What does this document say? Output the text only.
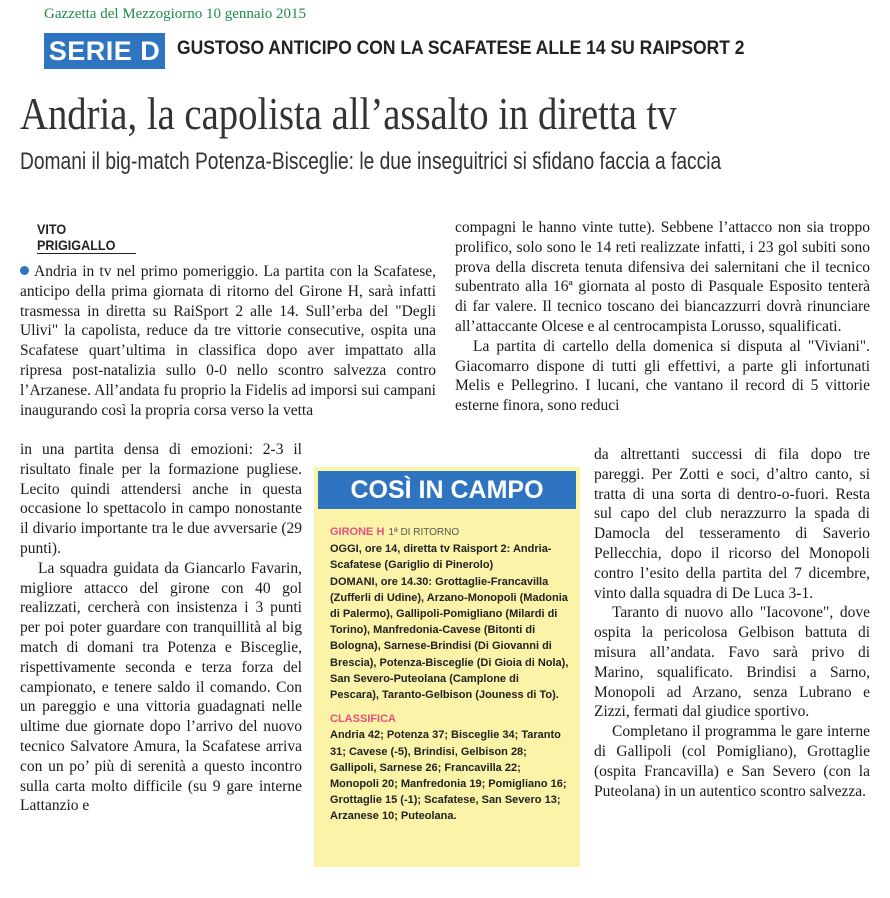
Gazzetta del Mezzogiorno 10 gennaio 2015
SERIE D GUSTOSO ANTICIPO CON LA SCAFATESE ALLE 14 SU RAIPSORT 2
Andria, la capolista all’assalto in diretta tv
Domani il big-match Potenza-Bisceglie: le due inseguitrici si sfidano faccia a faccia
VITO PRIGIGALLO

Andria in tv nel primo pomeriggio. La partita con la Scafatese, anticipo della prima giornata di ritorno del Girone H, sarà infatti trasmessa in diretta su RaiSport 2 alle 14. Sull’erba del "Degli Ulivi" la capolista, reduce da tre vittorie consecutive, ospita una Scafatese quart’ultima in classifica dopo aver impattato alla ripresa post-natalizia sullo 0-0 nello scontro salvezza contro l’Arzanese. All’andata fu proprio la Fidelis ad imporsi sui campani inaugurando così la propria corsa verso la vetta

in una partita densa di emozioni: 2-3 il risultato finale per la formazione pugliese. Lecito quindi attendersi anche in questa occasione lo spettacolo in campo nonostante il divario importante tra le due avversarie (29 punti).

La squadra guidata da Giancarlo Favarin, migliore attacco del girone con 40 gol realizzati, cercherà con insistenza i 3 punti per poi poter guardare con tranquillità al big match di domani tra Potenza e Bisceglie, rispettivamente seconda e terza forza del campionato, e tenere saldo il comando. Con un pareggio e una vittoria guadagnati nelle ultime due giornate dopo l’arrivo del nuovo tecnico Salvatore Amura, la Scafatese arriva con un po’ più di serenità a questo incontro sulla carta molto difficile (su 9 gare interne Lattanzio e

compagni le hanno vinte tutte). Sebbene l’attacco non sia troppo prolifico, solo sono le 14 reti realizzate infatti, i 23 gol subiti sono prova della discreta tenuta difensiva dei salernitani che il tecnico subentrato alla 16ª giornata al posto di Pasquale Esposito tenterà di far valere. Il tecnico toscano dei biancazzurri dovrà rinunciare all’attaccante Olcese e al centrocampista Lorusso, squalificati.

La partita di cartello della domenica si disputa al "Viviani". Giacomarro dispone di tutti gli effettivi, a parte gli infortunati Melis e Pellegrino. I lucani, che vantano il record di 5 vittorie esterne finora, sono reduci

da altrettanti successi di fila dopo tre pareggi. Per Zotti e soci, d’altro canto, si tratta di una sorta di dentro-o-fuori. Resta sul capo del club nerazzurro la spada di Damocla del tesseramento di Saverio Pellecchia, dopo il ricorso del Monopoli contro l’esito della partita del 7 dicembre, vinto dalla squadra di De Luca 3-1.

Taranto di nuovo allo "Iacovone", dove ospita la pericolosa Gelbison battuta di misura all’andata. Favo sarà privo di Marino, squalificato. Brindisi a Sarno, Monopoli ad Arzano, senza Lubrano e Zizzi, fermati dal giudice sportivo.

Completano il programma le gare interne di Gallipoli (col Pomigliano), Grottaglie (ospita Francavilla) e San Severo (con la Puteolana) in un autentico scontro salvezza.

COSÌ IN CAMPO
GIRONE H 1ª DI RITORNO

OGGI, ore 14, diretta tv Raisport 2: Andria-Scafatese (Gariglio di Pinerolo)

DOMANI, ore 14.30: Grottaglie-Francavilla (Zufferli di Udine), Arzano-Monopoli (Madonia di Palermo), Gallipoli-Pomigliano (Milardi di Torino), Manfredonia-Cavese (Bitonti di Bologna), Sarnese-Brindisi (Di Giovanni di Brescia), Potenza-Bisceglie (Di Gioia di Nola), San Severo-Puteolana (Camplone di Pescara), Taranto-Gelbison (Jouness di To).

CLASSIFICA

Andria 42; Potenza 37; Bisceglie 34; Taranto 31; Cavese (-5), Brindisi, Gelbison 28; Gallipoli, Sarnese 26; Francavilla 22; Monopoli 20; Manfredonia 19; Pomigliano 16; Grottaglie 15 (-1); Scafatese, San Severo 13; Arzanese 10; Puteolana.
